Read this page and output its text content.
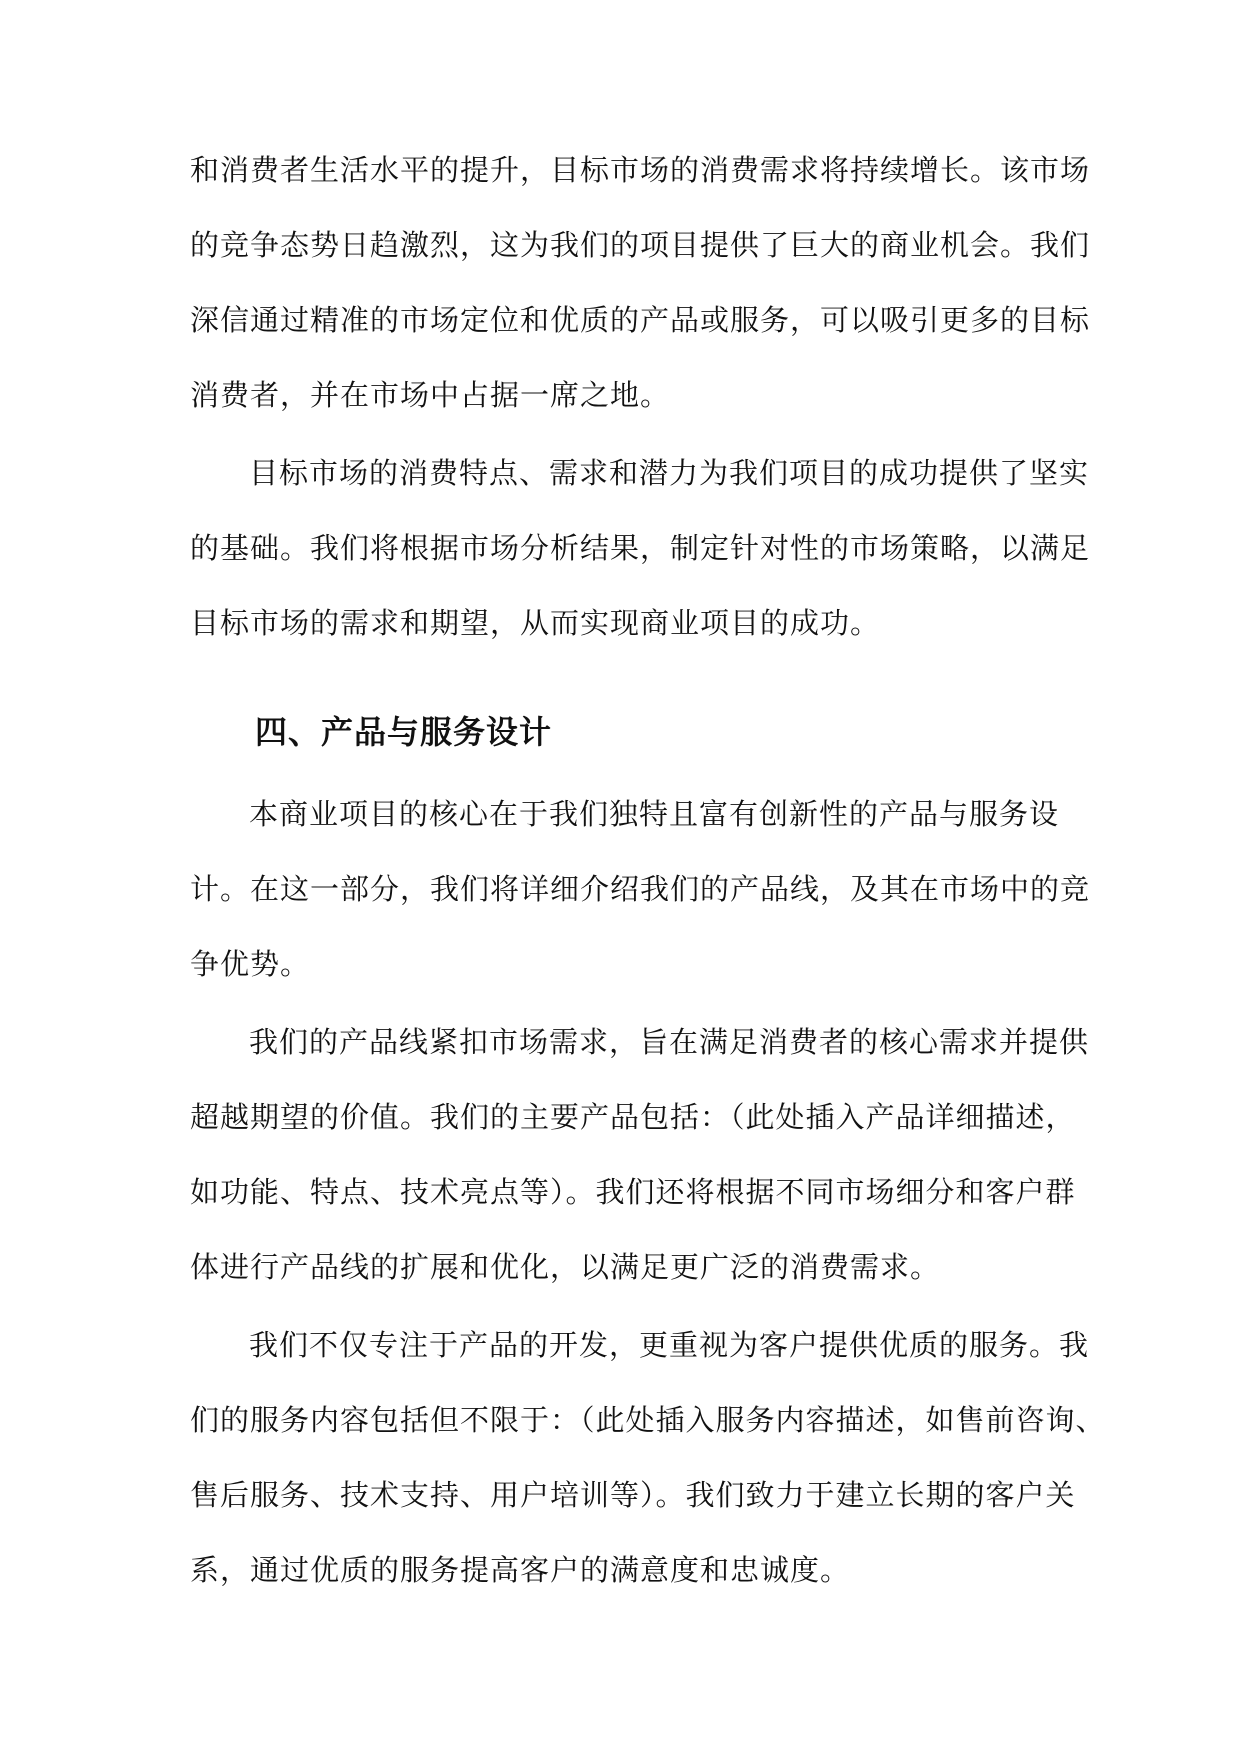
和消费者生活水平的提升，目标市场的消费需求将持续增长。该市场
的竞争态势日趋激烈，这为我们的项目提供了巨大的商业机会。我们
深信通过精准的市场定位和优质的产品或服务，可以吸引更多的目标
消费者，并在市场中占据一席之地。
目标市场的消费特点、需求和潜力为我们项目的成功提供了坚实
的基础。我们将根据市场分析结果，制定针对性的市场策略，以满足
目标市场的需求和期望，从而实现商业项目的成功。
四、产品与服务设计
本商业项目的核心在于我们独特且富有创新性的产品与服务设
计。在这一部分，我们将详细介绍我们的产品线，及其在市场中的竞
争优势。
我们的产品线紧扣市场需求，旨在满足消费者的核心需求并提供
超越期望的价值。我们的主要产品包括：（此处插入产品详细描述，
如功能、特点、技术亮点等）。我们还将根据不同市场细分和客户群
体进行产品线的扩展和优化，以满足更广泛的消费需求。
我们不仅专注于产品的开发，更重视为客户提供优质的服务。我
们的服务内容包括但不限于：（此处插入服务内容描述，如售前咨询、
售后服务、技术支持、用户培训等）。我们致力于建立长期的客户关
系，通过优质的服务提高客户的满意度和忠诚度。
